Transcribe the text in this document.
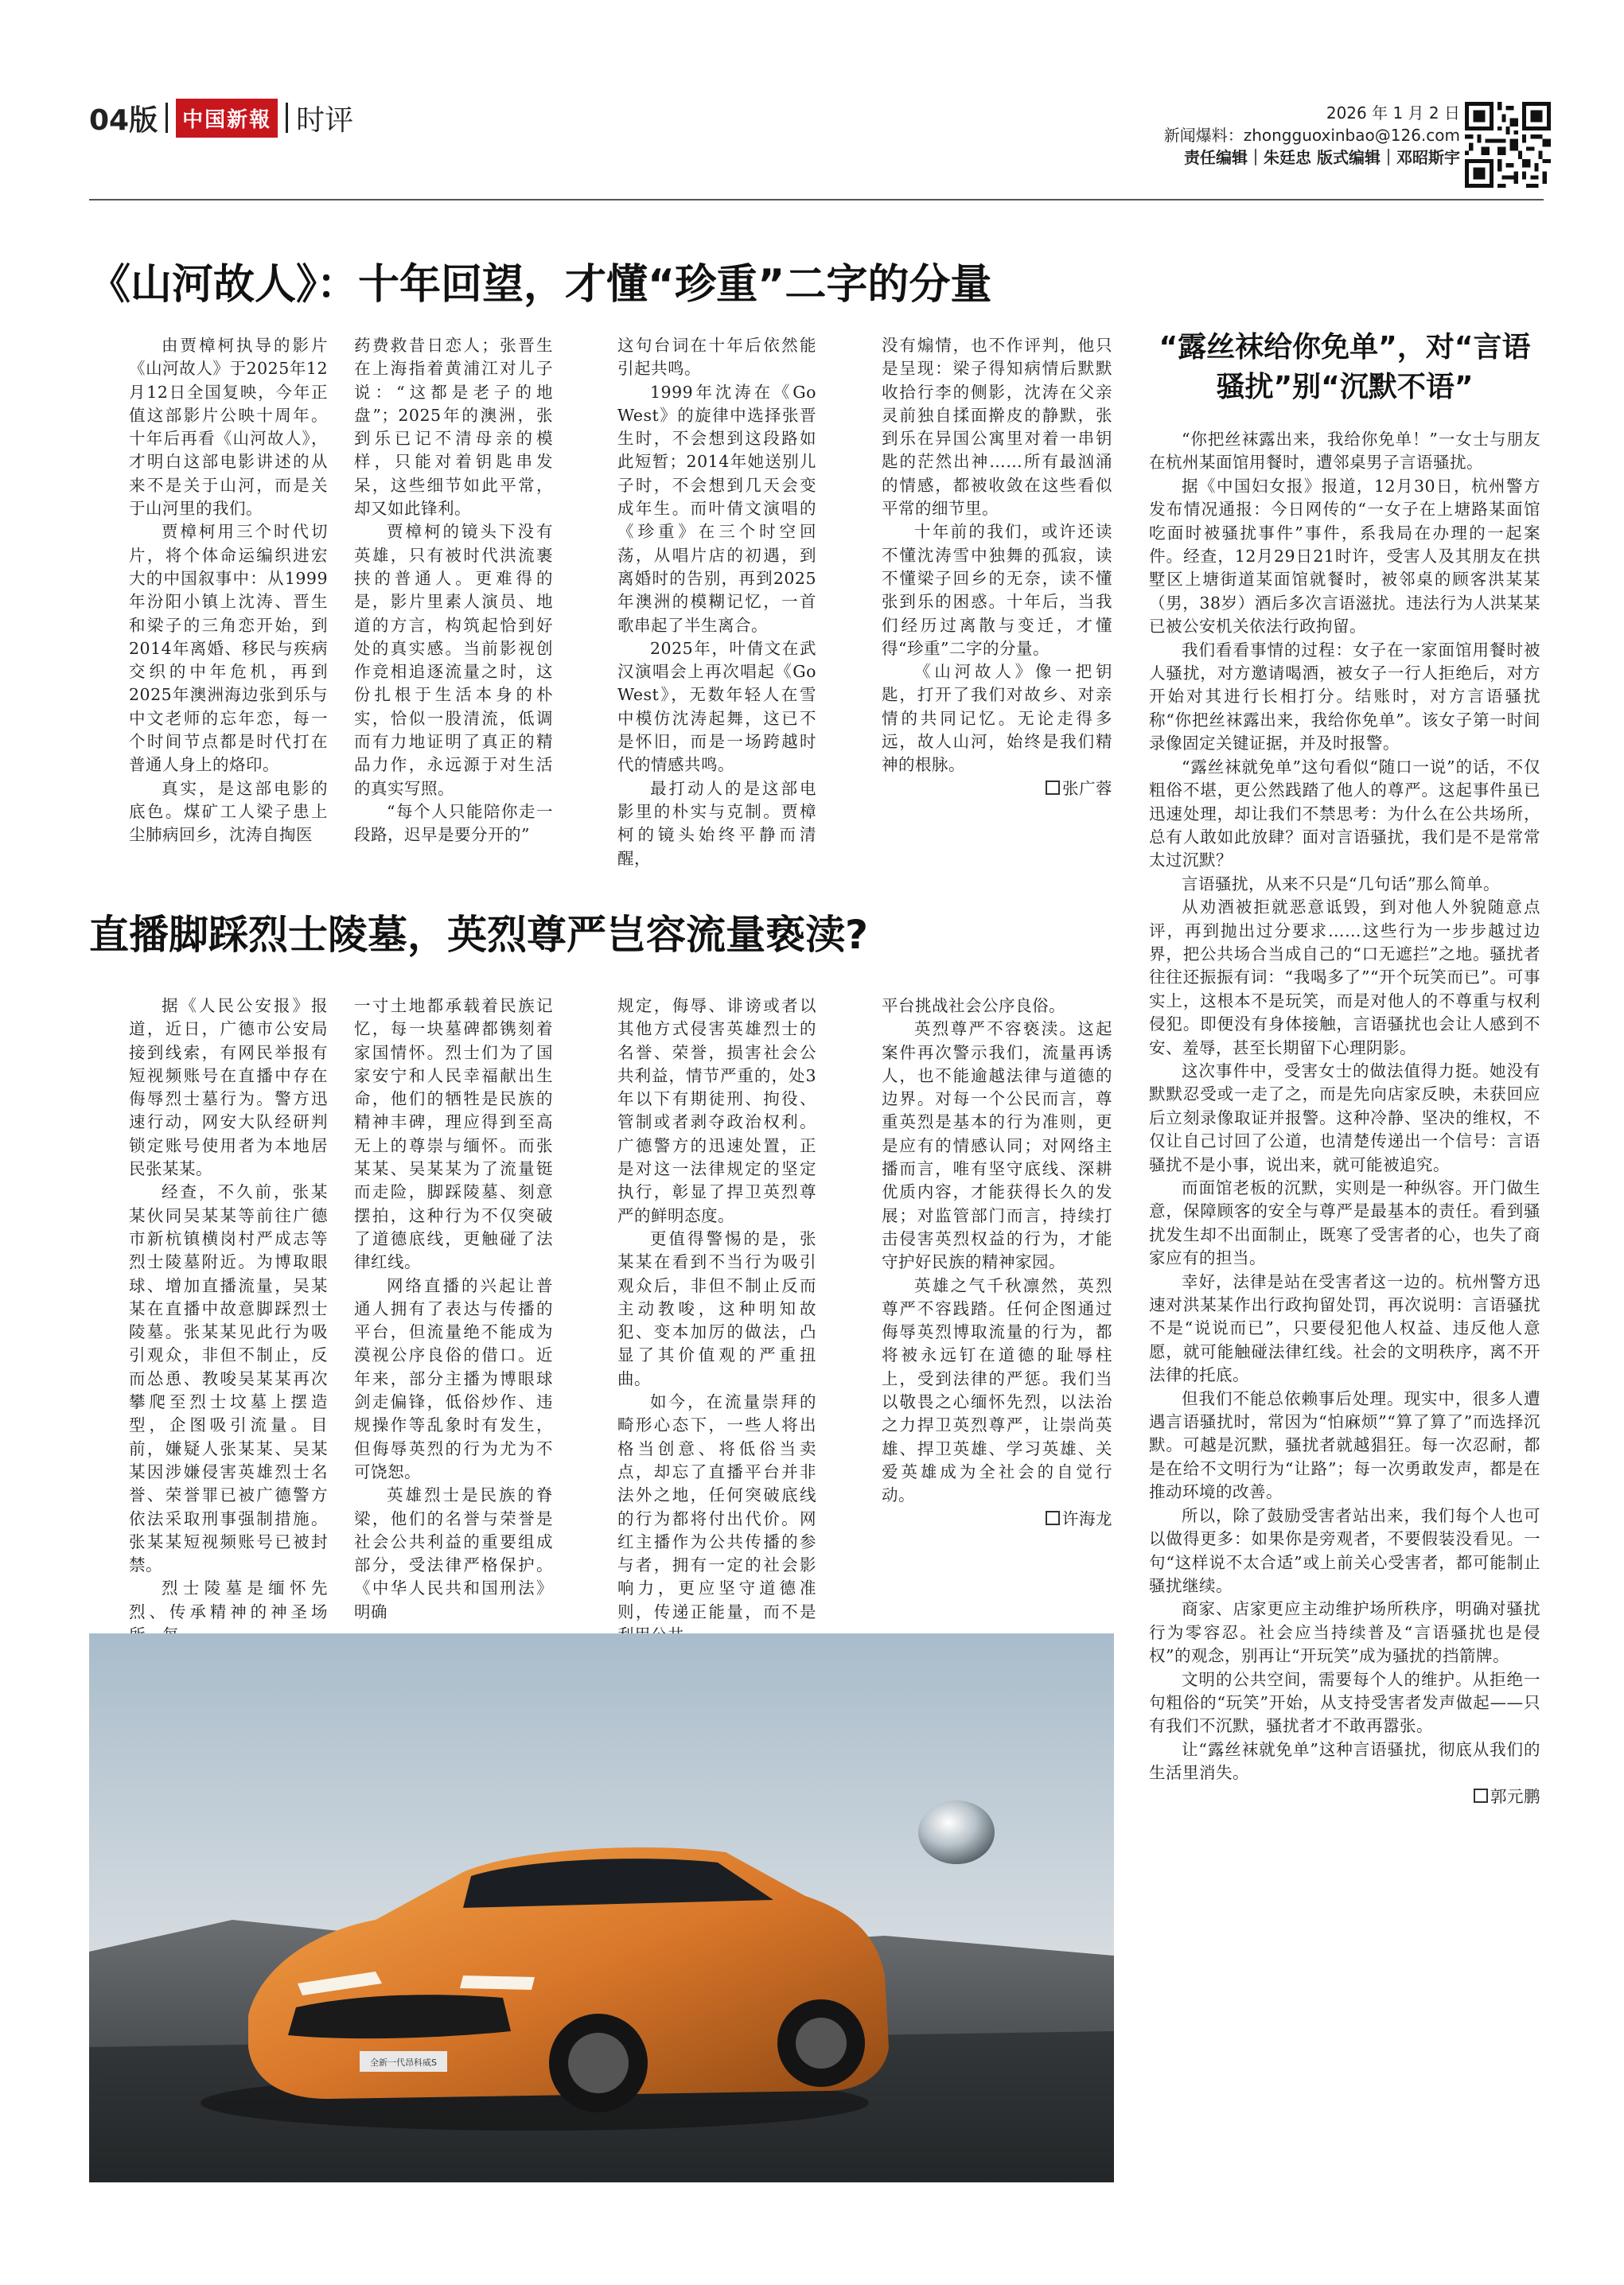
04版	中国新報 时评	2026 年 1 月 2 日
新闻爆料：zhongguoxinbao@126.com
责任编辑｜朱廷忠 版式编辑｜邓昭斯宇
《山河故人》：十年回望，才懂“珍重”二字的分量

由贾樟柯执导的影片《山河故人》于2025年12月12日全国复映，今年正值这部影片公映十周年。十年后再看《山河故人》，才明白这部电影讲述的从来不是关于山河，而是关于山河里的我们。

贾樟柯用三个时代切片，将个体命运编织进宏大的中国叙事中：从1999年汾阳小镇上沈涛、晋生和梁子的三角恋开始，到2014年离婚、移民与疾病交织的中年危机，再到2025年澳洲海边张到乐与中文老师的忘年恋，每一个时间节点都是时代打在普通人身上的烙印。

真实，是这部电影的底色。煤矿工人梁子患上尘肺病回乡，沈涛自掏医

药费救昔日恋人；张晋生在上海指着黄浦江对儿子说：“这都是老子的地盘”；2025年的澳洲，张到乐已记不清母亲的模样，只能对着钥匙串发呆，这些细节如此平常，却又如此锋利。

贾樟柯的镜头下没有英雄，只有被时代洪流裹挟的普通人。更难得的是，影片里素人演员、地道的方言，构筑起恰到好处的真实感。当前影视创作竞相追逐流量之时，这份扎根于生活本身的朴实，恰似一股清流，低调而有力地证明了真正的精品力作，永远源于对生活的真实写照。

“每个人只能陪你走一段路，迟早是要分开的”

这句台词在十年后依然能引起共鸣。

1999年沈涛在《Go West》的旋律中选择张晋生时，不会想到这段路如此短暂；2014年她送别儿子时，不会想到几天会变成年生。而叶倩文演唱的《珍重》在三个时空回荡，从唱片店的初遇，到离婚时的告别，再到2025年澳洲的模糊记忆，一首歌串起了半生离合。

2025年，叶倩文在武汉演唱会上再次唱起《Go West》，无数年轻人在雪中模仿沈涛起舞，这已不是怀旧，而是一场跨越时代的情感共鸣。

最打动人的是这部电影里的朴实与克制。贾樟柯的镜头始终平静而清醒，

没有煽情，也不作评判，他只是呈现：梁子得知病情后默默收拾行李的侧影，沈涛在父亲灵前独自揉面擀皮的静默，张到乐在异国公寓里对着一串钥匙的茫然出神……所有最汹涌的情感，都被收敛在这些看似平常的细节里。

十年前的我们，或许还读不懂沈涛雪中独舞的孤寂，读不懂梁子回乡的无奈，读不懂张到乐的困惑。十年后，当我们经历过离散与变迁，才懂得“珍重”二字的分量。

《山河故人》像一把钥匙，打开了我们对故乡、对亲情的共同记忆。无论走得多远，故人山河，始终是我们精神的根脉。

张广蓉
直播脚踩烈士陵墓，英烈尊严岂容流量亵渎?

据《人民公安报》报道，近日，广德市公安局接到线索，有网民举报有短视频账号在直播中存在侮辱烈士墓行为。警方迅速行动，网安大队经研判锁定账号使用者为本地居民张某某。

经查，不久前，张某某伙同吴某某等前往广德市新杭镇横岗村严成志等烈士陵墓附近。为博取眼球、增加直播流量，吴某某在直播中故意脚踩烈士陵墓。张某某见此行为吸引观众，非但不制止，反而怂恿、教唆吴某某再次攀爬至烈士坟墓上摆造型，企图吸引流量。目前，嫌疑人张某某、吴某某因涉嫌侵害英雄烈士名誉、荣誉罪已被广德警方依法采取刑事强制措施。张某某短视频账号已被封禁。

烈士陵墓是缅怀先烈、传承精神的神圣场

一寸土地都承载着民族记忆，每一块墓碑都镌刻着家国情怀。烈士们为了国家安宁和人民幸福献出生命，他们的牺牲是民族的精神丰碑，理应得到至高无上的尊崇与缅怀。而张某某、吴某某为了流量铤而走险，脚踩陵墓、刻意摆拍，这种行为不仅突破了道德底线，更触碰了法律红线。

网络直播的兴起让普通人拥有了表达与传播的平台，但流量绝不能成为漠视公序良俗的借口。近年来，部分主播为博眼球剑走偏锋，低俗炒作、违规操作等乱象时有发生，但侮辱英烈的行为尤为不可饶恕。

英雄烈士是民族的脊梁，他们的名誉与荣誉是社会公共利益的重要组成部分，受法律严格保护。《中华人民共和国刑法》明确

规定，侮辱、诽谤或者以其他方式侵害英雄烈士的名誉、荣誉，损害社会公共利益，情节严重的，处3年以下有期徒刑、拘役、管制或者剥夺政治权利。广德警方的迅速处置，正是对这一法律规定的坚定执行，彰显了捍卫英烈尊严的鲜明态度。

更值得警惕的是，张某某在看到不当行为吸引观众后，非但不制止反而主动教唆，这种明知故犯、变本加厉的做法，凸显了其价值观的严重扭曲。

如今，在流量崇拜的畸形心态下，一些人将出格当创意、将低俗当卖点，却忘了直播平台并非法外之地，任何突破底线的行为都将付出代价。网红主播作为公共传播的参与者，拥有一定的社会影响力，更应坚守道德准则，传递正能量，而不是

平台挑战社会公序良俗。

英烈尊严不容亵渎。这起案件再次警示我们，流量再诱人，也不能逾越法律与道德的边界。对每一个公民而言，尊重英烈是基本的行为准则，更是应有的情感认同；对网络主播而言，唯有坚守底线、深耕优质内容，才能获得长久的发展；对监管部门而言，持续打击侵害英烈权益的行为，才能守护好民族的精神家园。

英雄之气千秋凛然，英烈尊严不容践踏。任何企图通过侮辱英烈博取流量的行为，都将被永远钉在道德的耻辱柱上，受到法律的严惩。我们当以敬畏之心缅怀先烈，以法治之力捍卫英烈尊严，让崇尚英雄、捍卫英雄、学习英雄、关爱英雄成为全社会的自觉行动。

许海龙
全新一代昂科威S
“露丝袜给你免单”，对“言语骚扰”别“沉默不语”

“你把丝袜露出来，我给你免单！”一女士与朋友在杭州某面馆用餐时，遭邻桌男子言语骚扰。

据《中国妇女报》报道，12月30日，杭州警方发布情况通报：今日网传的“一女子在上塘路某面馆吃面时被骚扰事件”事件，系我局在办理的一起案件。经查，12月29日21时许，受害人及其朋友在拱墅区上塘街道某面馆就餐时，被邻桌的顾客洪某某（男，38岁）酒后多次言语滋扰。违法行为人洪某某已被公安机关依法行政拘留。

我们看看事情的过程：女子在一家面馆用餐时被人骚扰，对方邀请喝酒，被女子一行人拒绝后，对方开始对其进行长相打分。结账时，对方言语骚扰称“你把丝袜露出来，我给你免单”。该女子第一时间录像固定关键证据，并及时报警。

“露丝袜就免单”这句看似“随口一说”的话，不仅粗俗不堪，更公然践踏了他人的尊严。这起事件虽已迅速处理，却让我们不禁思考：为什么在公共场所，总有人敢如此放肆？面对言语骚扰，我们是不是常常太过沉默？

言语骚扰，从来不只是“几句话”那么简单。

从劝酒被拒就恶意诋毁，到对他人外貌随意点评，再到抛出过分要求……这些行为一步步越过边界，把公共场合当成自己的“口无遮拦”之地。骚扰者往往还振振有词：“我喝多了”“开个玩笑而已”。可事实上，这根本不是玩笑，而是对他人的不尊重与权利侵犯。即便没有身体接触，言语骚扰也会让人感到不安、羞辱，甚至长期留下心理阴影。

这次事件中，受害女士的做法值得力挺。她没有默默忍受或一走了之，而是先向店家反映，未获回应后立刻录像取证并报警。这种冷静、坚决的维权，不仅让自己讨回了公道，也清楚传递出一个信号：言语骚扰不是小事，说出来，就可能被追究。

而面馆老板的沉默，实则是一种纵容。开门做生意，保障顾客的安全与尊严是最基本的责任。看到骚扰发生却不出面制止，既寒了受害者的心，也失了商家应有的担当。

幸好，法律是站在受害者这一边的。杭州警方迅速对洪某某作出行政拘留处罚，再次说明：言语骚扰不是“说说而已”，只要侵犯他人权益、违反他人意愿，就可能触碰法律红线。社会的文明秩序，离不开法律的托底。

但我们不能总依赖事后处理。现实中，很多人遭遇言语骚扰时，常因为“怕麻烦”“算了算了”而选择沉默。可越是沉默，骚扰者就越猖狂。每一次忍耐，都是在给不文明行为“让路”；每一次勇敢发声，都是在推动环境的改善。

所以，除了鼓励受害者站出来，我们每个人也可以做得更多：如果你是旁观者，不要假装没看见。一句“这样说不太合适”或上前关心受害者，都可能制止骚扰继续。

商家、店家更应主动维护场所秩序，明确对骚扰行为零容忍。社会应当持续普及“言语骚扰也是侵权”的观念，别再让“开玩笑”成为骚扰的挡箭牌。

文明的公共空间，需要每个人的维护。从拒绝一句粗俗的“玩笑”开始，从支持受害者发声做起——只有我们不沉默，骚扰者才不敢再嚣张。

让“露丝袜就免单”这种言语骚扰，彻底从我们的生活里消失。

郭元鹏
